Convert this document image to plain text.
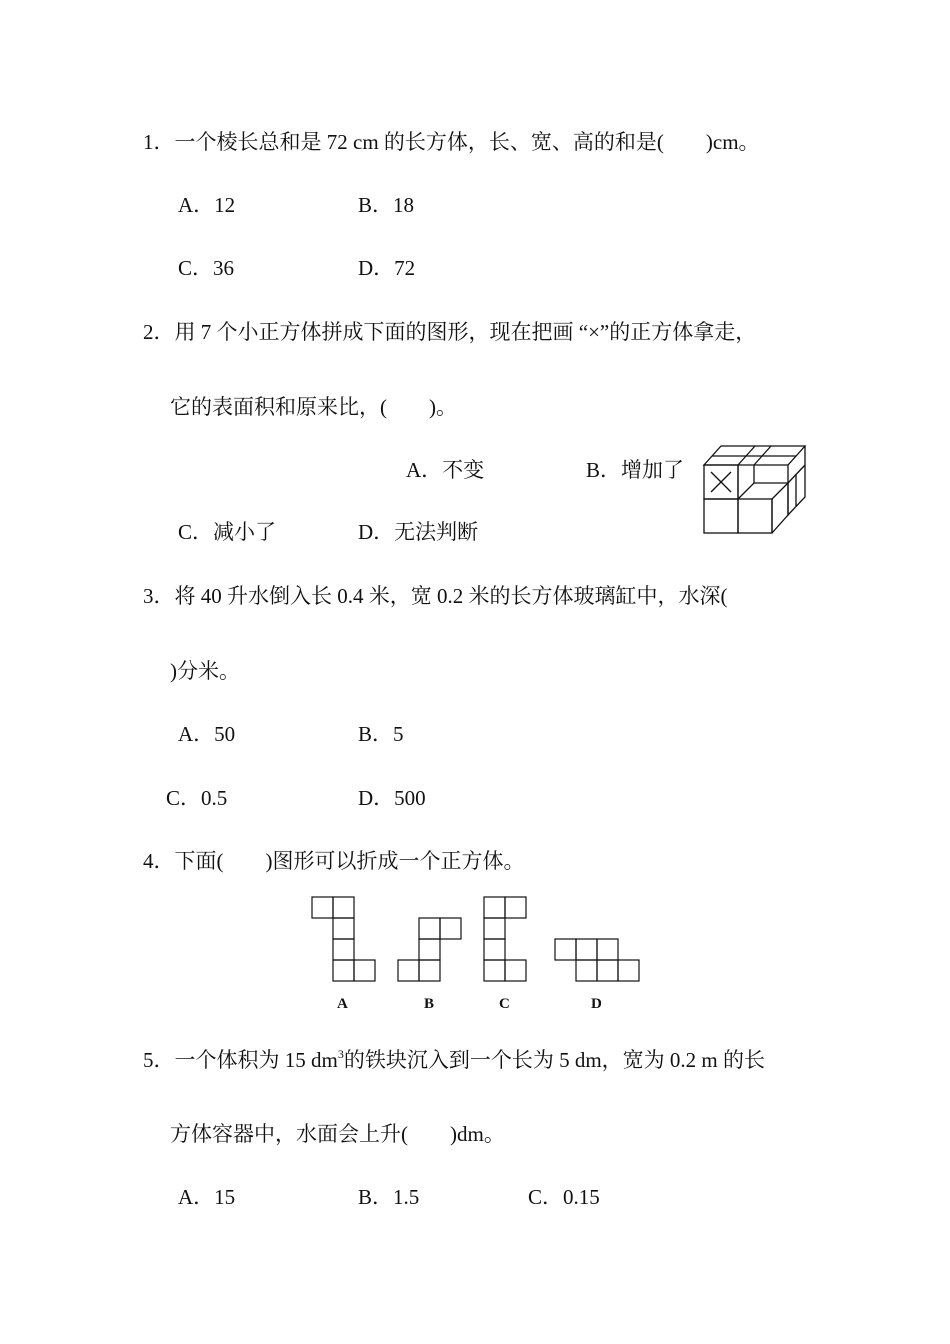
1．一个棱长总和是 72 cm 的长方体，长、宽、高的和是(　　)cm。
A．12	B．18
C．36	D．72
2．用 7 个小正方体拼成下面的图形，现在把画 “×”的正方体拿走，
它的表面积和原来比，(　　)。
A．不变	B．增加了
C．减小了	D．无法判断
3．将 40 升水倒入长 0.4 米，宽 0.2 米的长方体玻璃缸中，水深(
)分米。
A．50	B．5
C．0.5	D．500
4．下面(　　)图形可以折成一个正方体。
A	B	C	D
5．一个体积为 15 $dm^3$的铁块沉入到一个长为 5 dm，宽为 0.2 m 的长
方体容器中，水面会上升(　　)dm。
A．15	B．1.5	C．0.15
